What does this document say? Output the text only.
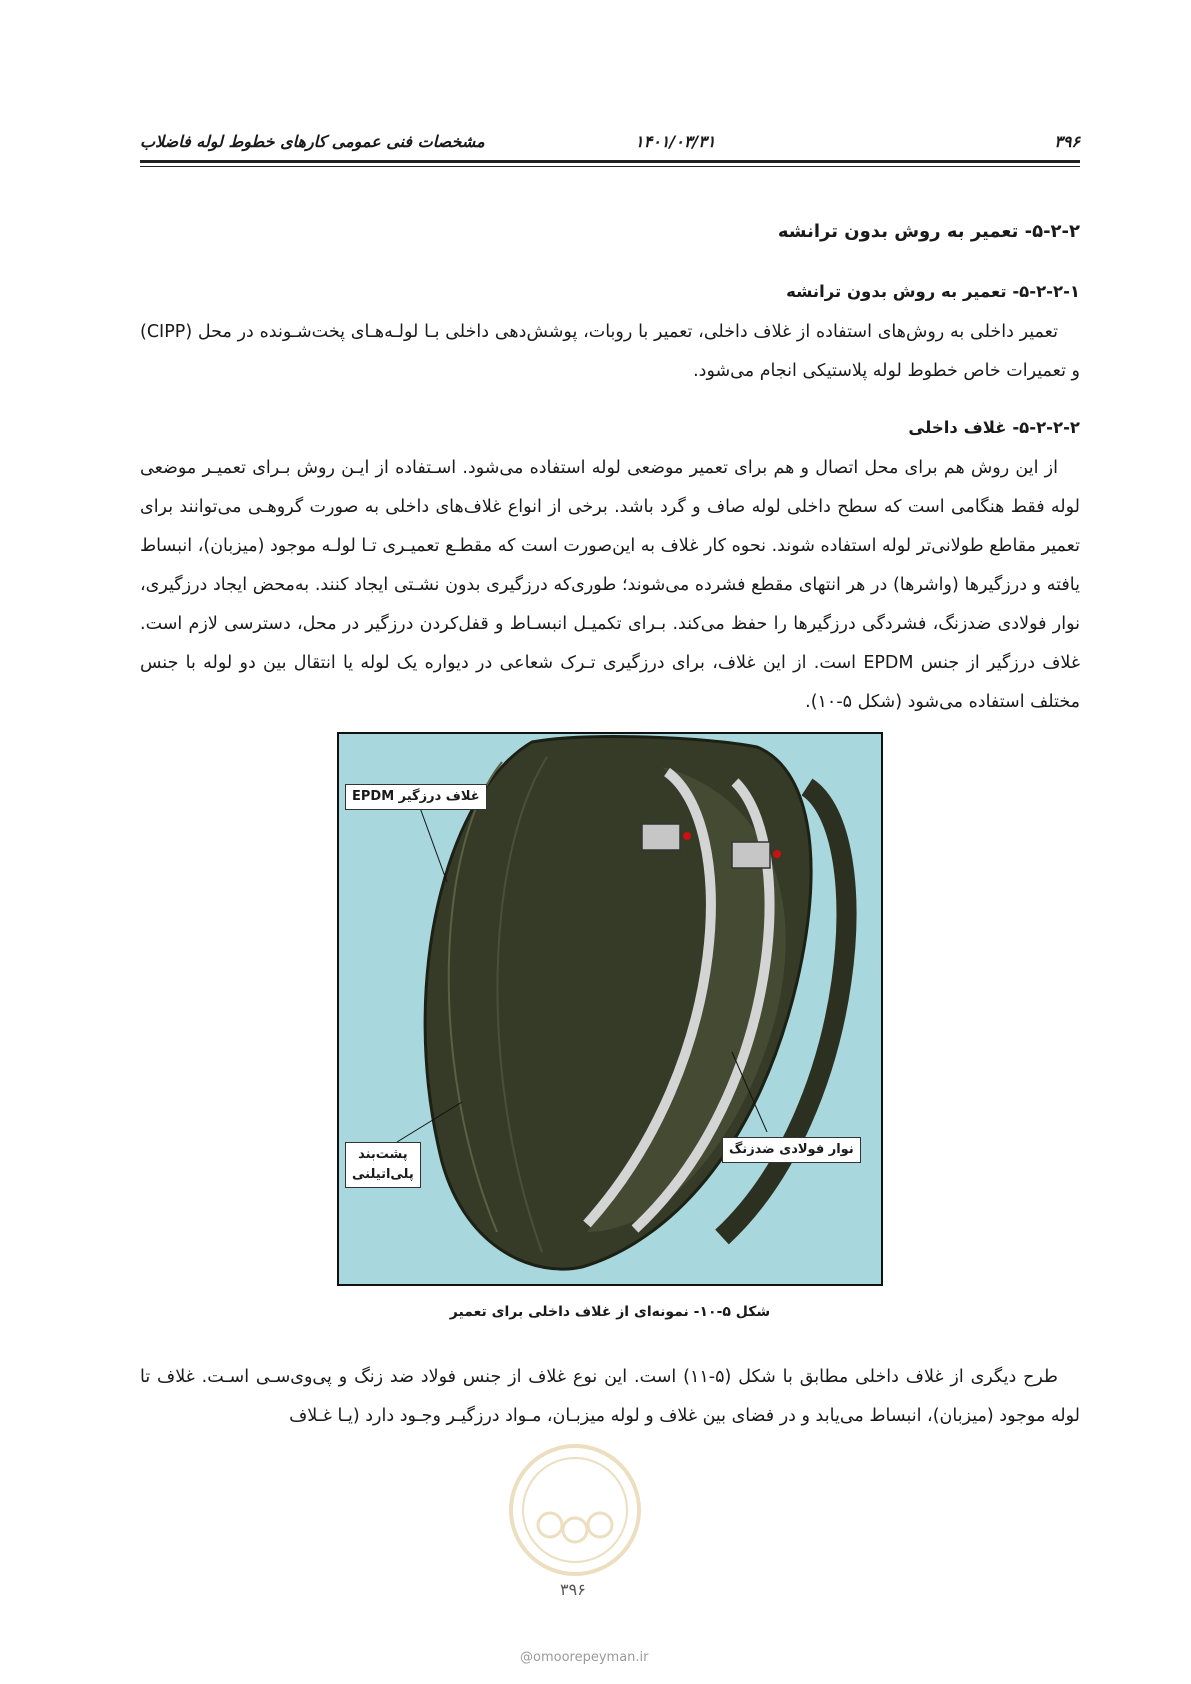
۳۹۶
۱۴۰۱/۰۳/۳۱
مشخصات فنی عمومی کارهای خطوط لوله فاضلاب
۵-۲-۲- تعمیر به روش بدون ترانشه
۵-۲-۲-۱- تعمیر به روش بدون ترانشه

تعمیر داخلی به روش‌های استفاده از غلاف داخلی، تعمیر با روبات، پوشش‌دهی داخلی بـا لولـه‌هـای پخت‌شـونده در محل (CIPP) و تعمیرات خاص خطوط لوله پلاستیکی انجام می‌شود.

۵-۲-۲-۲- غلاف داخلی

از این روش هم برای محل اتصال و هم برای تعمیر موضعی لوله استفاده می‌شود. اسـتفاده از ایـن روش بـرای تعمیـر موضعی لوله فقط هنگامی است که سطح داخلی لوله صاف و گرد باشد. برخی از انواع غلاف‌های داخلی به صورت گروهـی می‌توانند برای تعمیر مقاطع طولانی‌تر لوله استفاده شوند. نحوه کار غلاف به این‌صورت است که مقطـع تعمیـری تـا لولـه موجود (میزبان)، انبساط یافته و درزگیرها (واشرها) در هر انتهای مقطع فشرده می‌شوند؛ طوری‌که درزگیری بدون نشـتی ایجاد کنند. به‌محض ایجاد درزگیری، نوار فولادی ضدزنگ، فشردگی درزگیرها را حفظ می‌کند. بـرای تکمیـل انبسـاط و قفل‌کردن درزگیر در محل، دسترسی لازم است. غلاف درزگیر از جنس EPDM است. از این غلاف، برای درزگیری تـرک شعاعی در دیواره یک لوله یا انتقال بین دو لوله با جنس مختلف استفاده می‌شود (شکل ۵-۱۰).

غلاف درزگیر EPDM
نوار فولادی ضدزنگ
پشت‌بند
پلی‌اتیلنی
شکل ۵-۱۰- نمونه‌ای از غلاف داخلی برای تعمیر

طرح دیگری از غلاف داخلی مطابق با شکل (۵-۱۱) است. این نوع غلاف از جنس فولاد ضد زنگ و پی‌وی‌سـی اسـت. غلاف تا لوله موجود (میزبان)، انبساط می‌یابد و در فضای بین غلاف و لوله میزبـان، مـواد درزگیـر وجـود دارد (یـا غـلاف

۳۹۶
@omoorepeyman.ir
